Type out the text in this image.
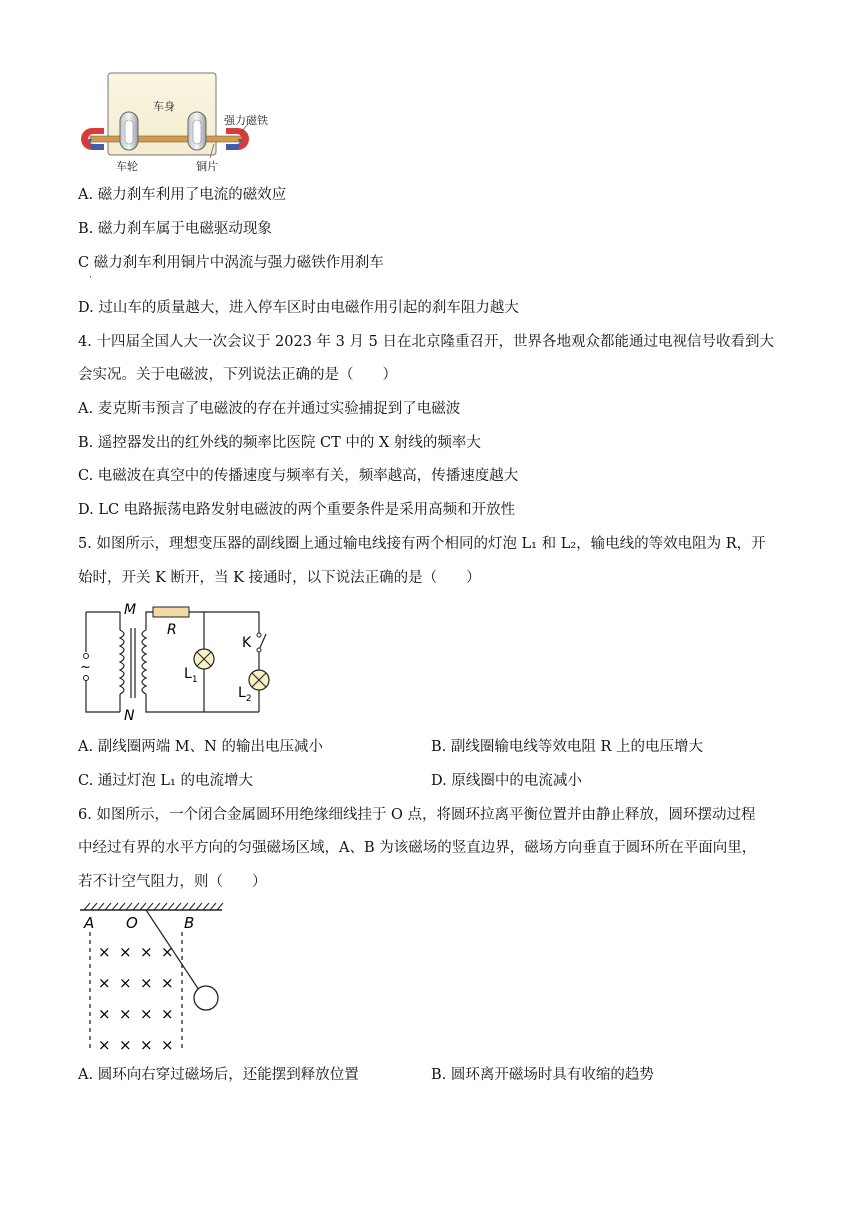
车身
强力磁铁
车轮	铜片
A. 磁力刹车利用了电流的磁效应
B. 磁力刹车属于电磁驱动现象
C 磁力刹车利用铜片中涡流与强力磁铁作用刹车
·
D. 过山车的质量越大，进入停车区时由电磁作用引起的刹车阻力越大
4. 十四届全国人大一次会议于 2023 年 3 月 5 日在北京隆重召开，世界各地观众都能通过电视信号收看到大
会实况。关于电磁波，下列说法正确的是（　　）
A. 麦克斯韦预言了电磁波的存在并通过实验捕捉到了电磁波
B. 遥控器发出的红外线的频率比医院 CT 中的 X 射线的频率大
C. 电磁波在真空中的传播速度与频率有关，频率越高，传播速度越大
D. LC 电路振荡电路发射电磁波的两个重要条件是采用高频和开放性
5. 如图所示，理想变压器的副线圈上通过输电线接有两个相同的灯泡 L₁ 和 L₂，输电线的等效电阻为 R，开
始时，开关 K 断开，当 K 接通时，以下说法正确的是（　　）
~
M
N
R
K
$L_1$
$L_2$
A. 副线圈两端 M、N 的输出电压减小	B. 副线圈输电线等效电阻 R 上的电压增大
C. 通过灯泡 L₁ 的电流增大	D. 原线圈中的电流减小
6. 如图所示，一个闭合金属圆环用绝缘细线挂于 O 点，将圆环拉离平衡位置并由静止释放，圆环摆动过程
中经过有界的水平方向的匀强磁场区域，A、B 为该磁场的竖直边界，磁场方向垂直于圆环所在平面向里，
若不计空气阻力，则（　　）
A O	B
× × × ×
× × × ×
× × × ×
× × × ×
A. 圆环向右穿过磁场后，还能摆到释放位置	B. 圆环离开磁场时具有收缩的趋势
